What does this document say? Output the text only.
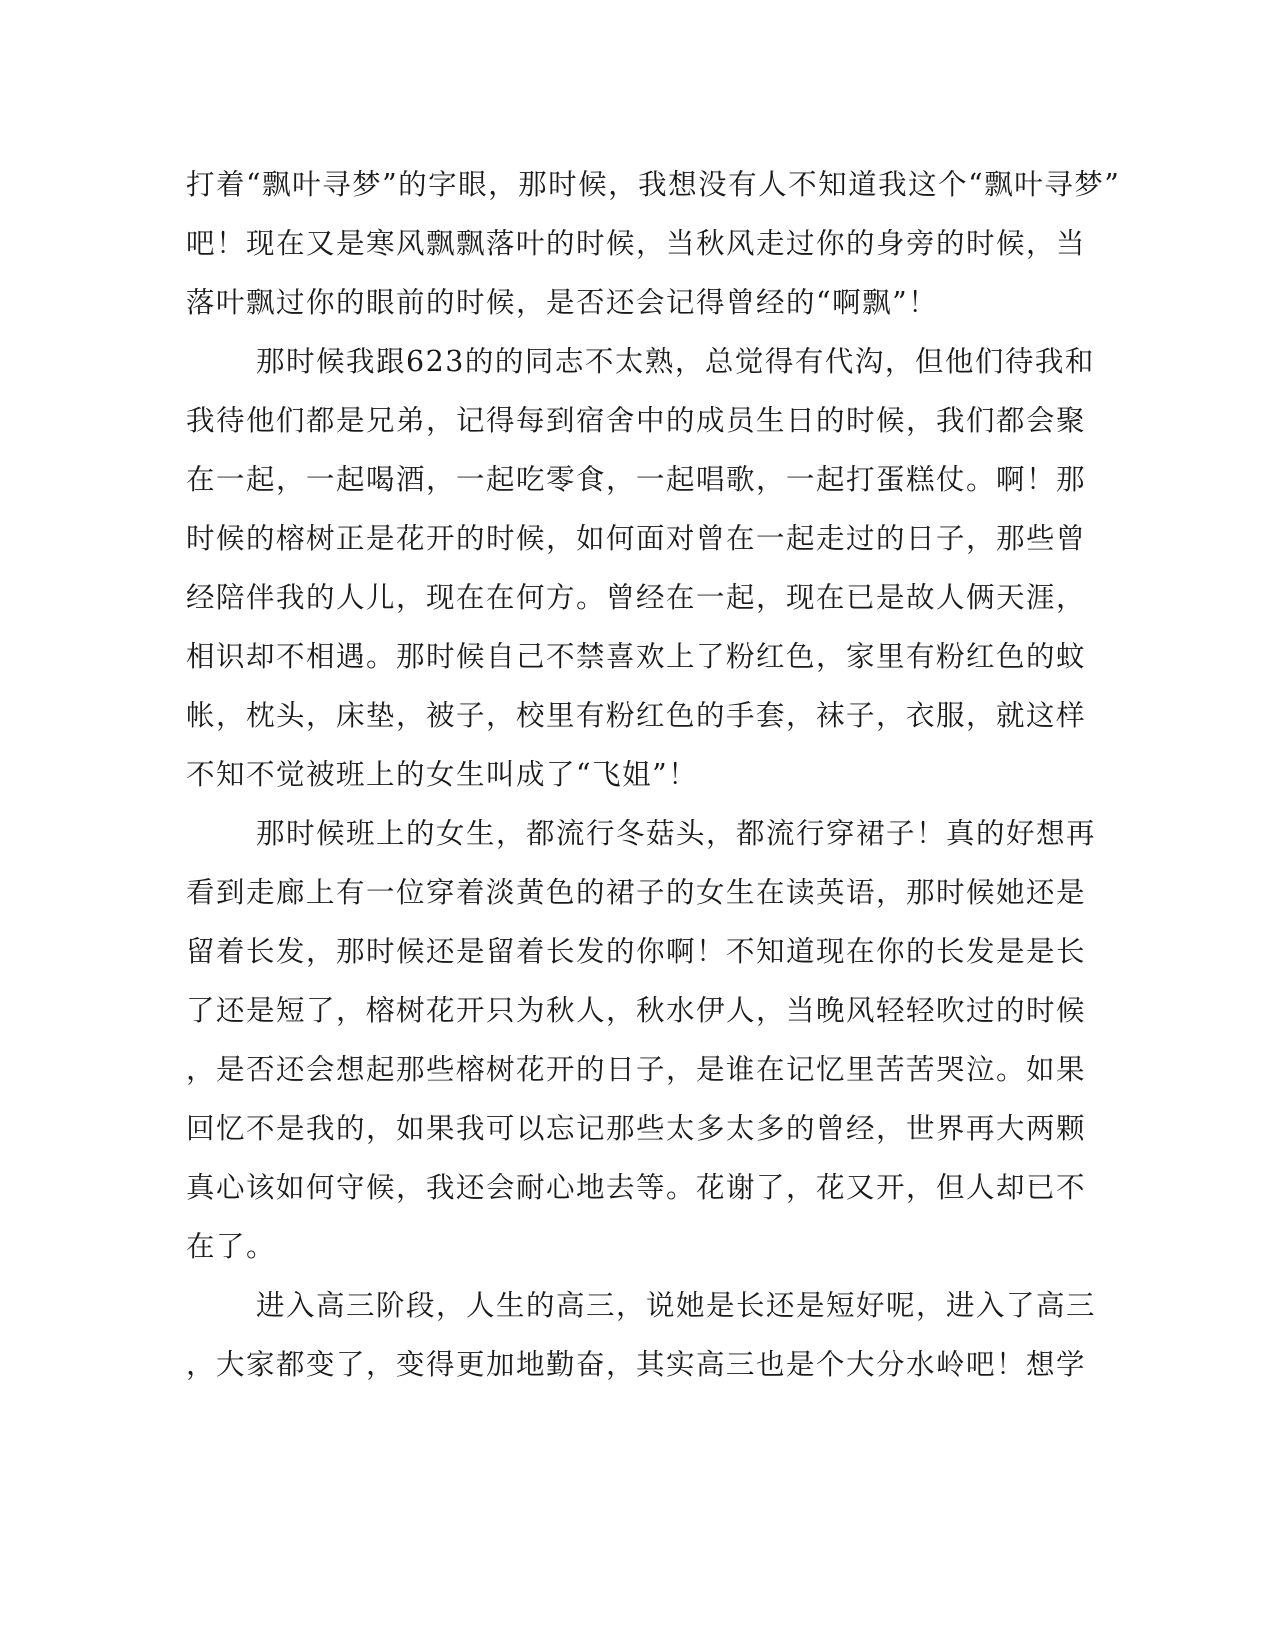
打着“飘叶寻梦”的字眼，那时候，我想没有人不知道我这个“飘叶寻梦”
吧！现在又是寒风飘飘落叶的时候，当秋风走过你的身旁的时候，当
落叶飘过你的眼前的时候，是否还会记得曾经的“啊飘”！
那时候我跟623的的同志不太熟，总觉得有代沟，但他们待我和
我待他们都是兄弟，记得每到宿舍中的成员生日的时候，我们都会聚
在一起，一起喝酒，一起吃零食，一起唱歌，一起打蛋糕仗。啊！那
时候的榕树正是花开的时候，如何面对曾在一起走过的日子，那些曾
经陪伴我的人儿，现在在何方。曾经在一起，现在已是故人俩天涯，
相识却不相遇。那时候自己不禁喜欢上了粉红色，家里有粉红色的蚊
帐，枕头，床垫，被子，校里有粉红色的手套，袜子，衣服，就这样
不知不觉被班上的女生叫成了“飞姐”！
那时候班上的女生，都流行冬菇头，都流行穿裙子！真的好想再
看到走廊上有一位穿着淡黄色的裙子的女生在读英语，那时候她还是
留着长发，那时候还是留着长发的你啊！不知道现在你的长发是是长
了还是短了，榕树花开只为秋人，秋水伊人，当晚风轻轻吹过的时候
，是否还会想起那些榕树花开的日子，是谁在记忆里苦苦哭泣。如果
回忆不是我的，如果我可以忘记那些太多太多的曾经，世界再大两颗
真心该如何守候，我还会耐心地去等。花谢了，花又开，但人却已不
在了。
进入高三阶段，人生的高三，说她是长还是短好呢，进入了高三
，大家都变了，变得更加地勤奋，其实高三也是个大分水岭吧！想学
